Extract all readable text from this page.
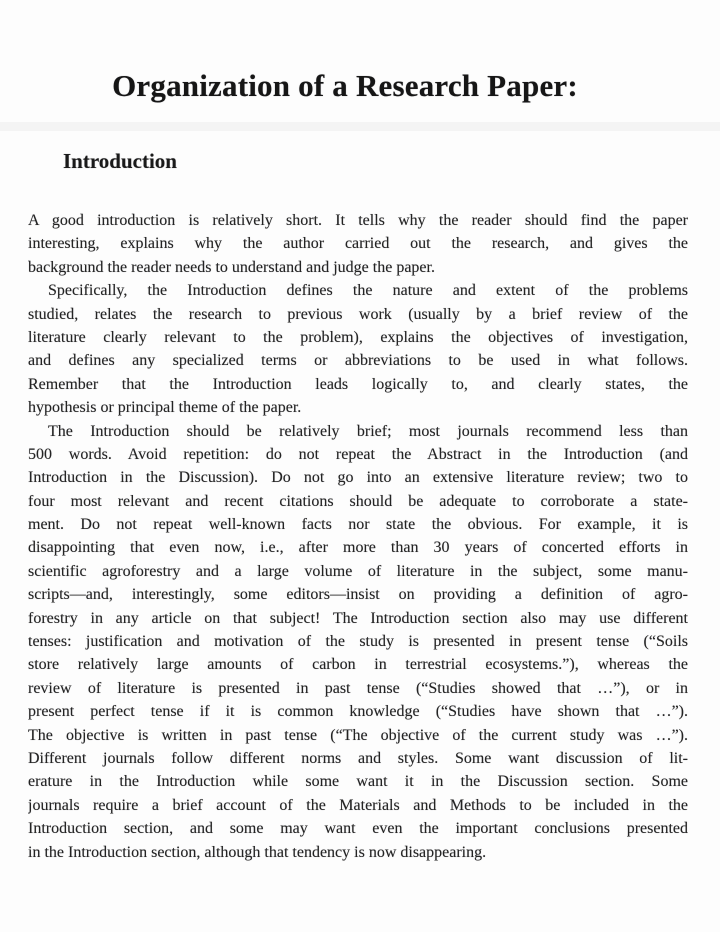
Organization of a Research Paper:
Introduction
A good introduction is relatively short. It tells why the reader should find the paper
interesting, explains why the author carried out the research, and gives the
background the reader needs to understand and judge the paper.
Specifically, the Introduction defines the nature and extent of the problems
studied, relates the research to previous work (usually by a brief review of the
literature clearly relevant to the problem), explains the objectives of investigation,
and defines any specialized terms or abbreviations to be used in what follows.
Remember that the Introduction leads logically to, and clearly states, the
hypothesis or principal theme of the paper.
The Introduction should be relatively brief; most journals recommend less than
500 words. Avoid repetition: do not repeat the Abstract in the Introduction (and
Introduction in the Discussion). Do not go into an extensive literature review; two to
four most relevant and recent citations should be adequate to corroborate a state-
ment. Do not repeat well-known facts nor state the obvious. For example, it is
disappointing that even now, i.e., after more than 30 years of concerted efforts in
scientific agroforestry and a large volume of literature in the subject, some manu-
scripts—and, interestingly, some editors—insist on providing a definition of agro-
forestry in any article on that subject! The Introduction section also may use different
tenses: justification and motivation of the study is presented in present tense (“Soils
store relatively large amounts of carbon in terrestrial ecosystems.”), whereas the
review of literature is presented in past tense (“Studies showed that …”), or in
present perfect tense if it is common knowledge (“Studies have shown that …”).
The objective is written in past tense (“The objective of the current study was …”).
Different journals follow different norms and styles. Some want discussion of lit-
erature in the Introduction while some want it in the Discussion section. Some
journals require a brief account of the Materials and Methods to be included in the
Introduction section, and some may want even the important conclusions presented
in the Introduction section, although that tendency is now disappearing.
